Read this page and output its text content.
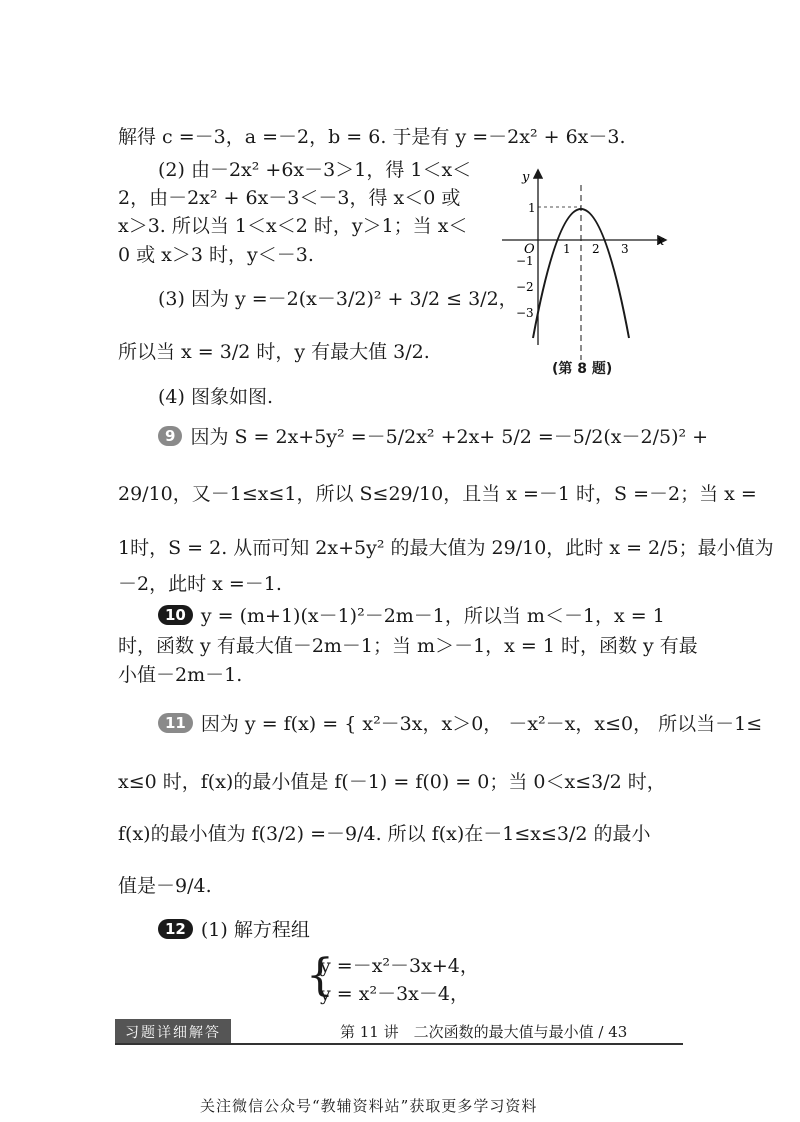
解得 c =－3，a =－2，b = 6. 于是有 y =－2x² + 6x－3.
(2) 由－2x² +6x－3＞1，得 1＜x＜
2，由－2x² + 6x－3＜－3，得 x＜0 或
x＞3. 所以当 1＜x＜2 时，y＞1；当 x＜
0 或 x＞3 时，y＜－3.
(3) 因为 y =－2(x－3/2)² + 3/2 ≤ 3/2，
所以当 x = 3/2 时，y 有最大值 3/2.
(4) 图象如图.
9 因为 S = 2x+5y² =－5/2x² +2x+ 5/2 =－5/2(x－2/5)² +
29/10，又－1≤x≤1，所以 S≤29/10，且当 x =－1 时，S =－2；当 x =
1时，S = 2. 从而可知 2x+5y² 的最大值为 29/10，此时 x = 2/5；最小值为
－2，此时 x =－1.
10 y = (m+1)(x－1)²－2m－1，所以当 m＜－1，x = 1
时，函数 y 有最大值－2m－1；当 m＞－1，x = 1 时，函数 y 有最
小值－2m－1.
11 因为 y = f(x) = { x²－3x，x＞0， －x²－x，x≤0， 所以当－1≤
x≤0 时，f(x)的最小值是 f(－1) = f(0) = 0；当 0＜x≤3/2 时，
f(x)的最小值为 f(3/2) =－9/4. 所以 f(x)在－1≤x≤3/2 的最小
值是－9/4.
12 (1) 解方程组
{
y =－x²－3x+4，
y = x²－3x－4，
y
x
O 1 2 3
1
−1
−2
−3
(第 8 题)
习题详细解答	第 11 讲　二次函数的最大值与最小值 / 43
关注微信公众号“教辅资料站”获取更多学习资料
